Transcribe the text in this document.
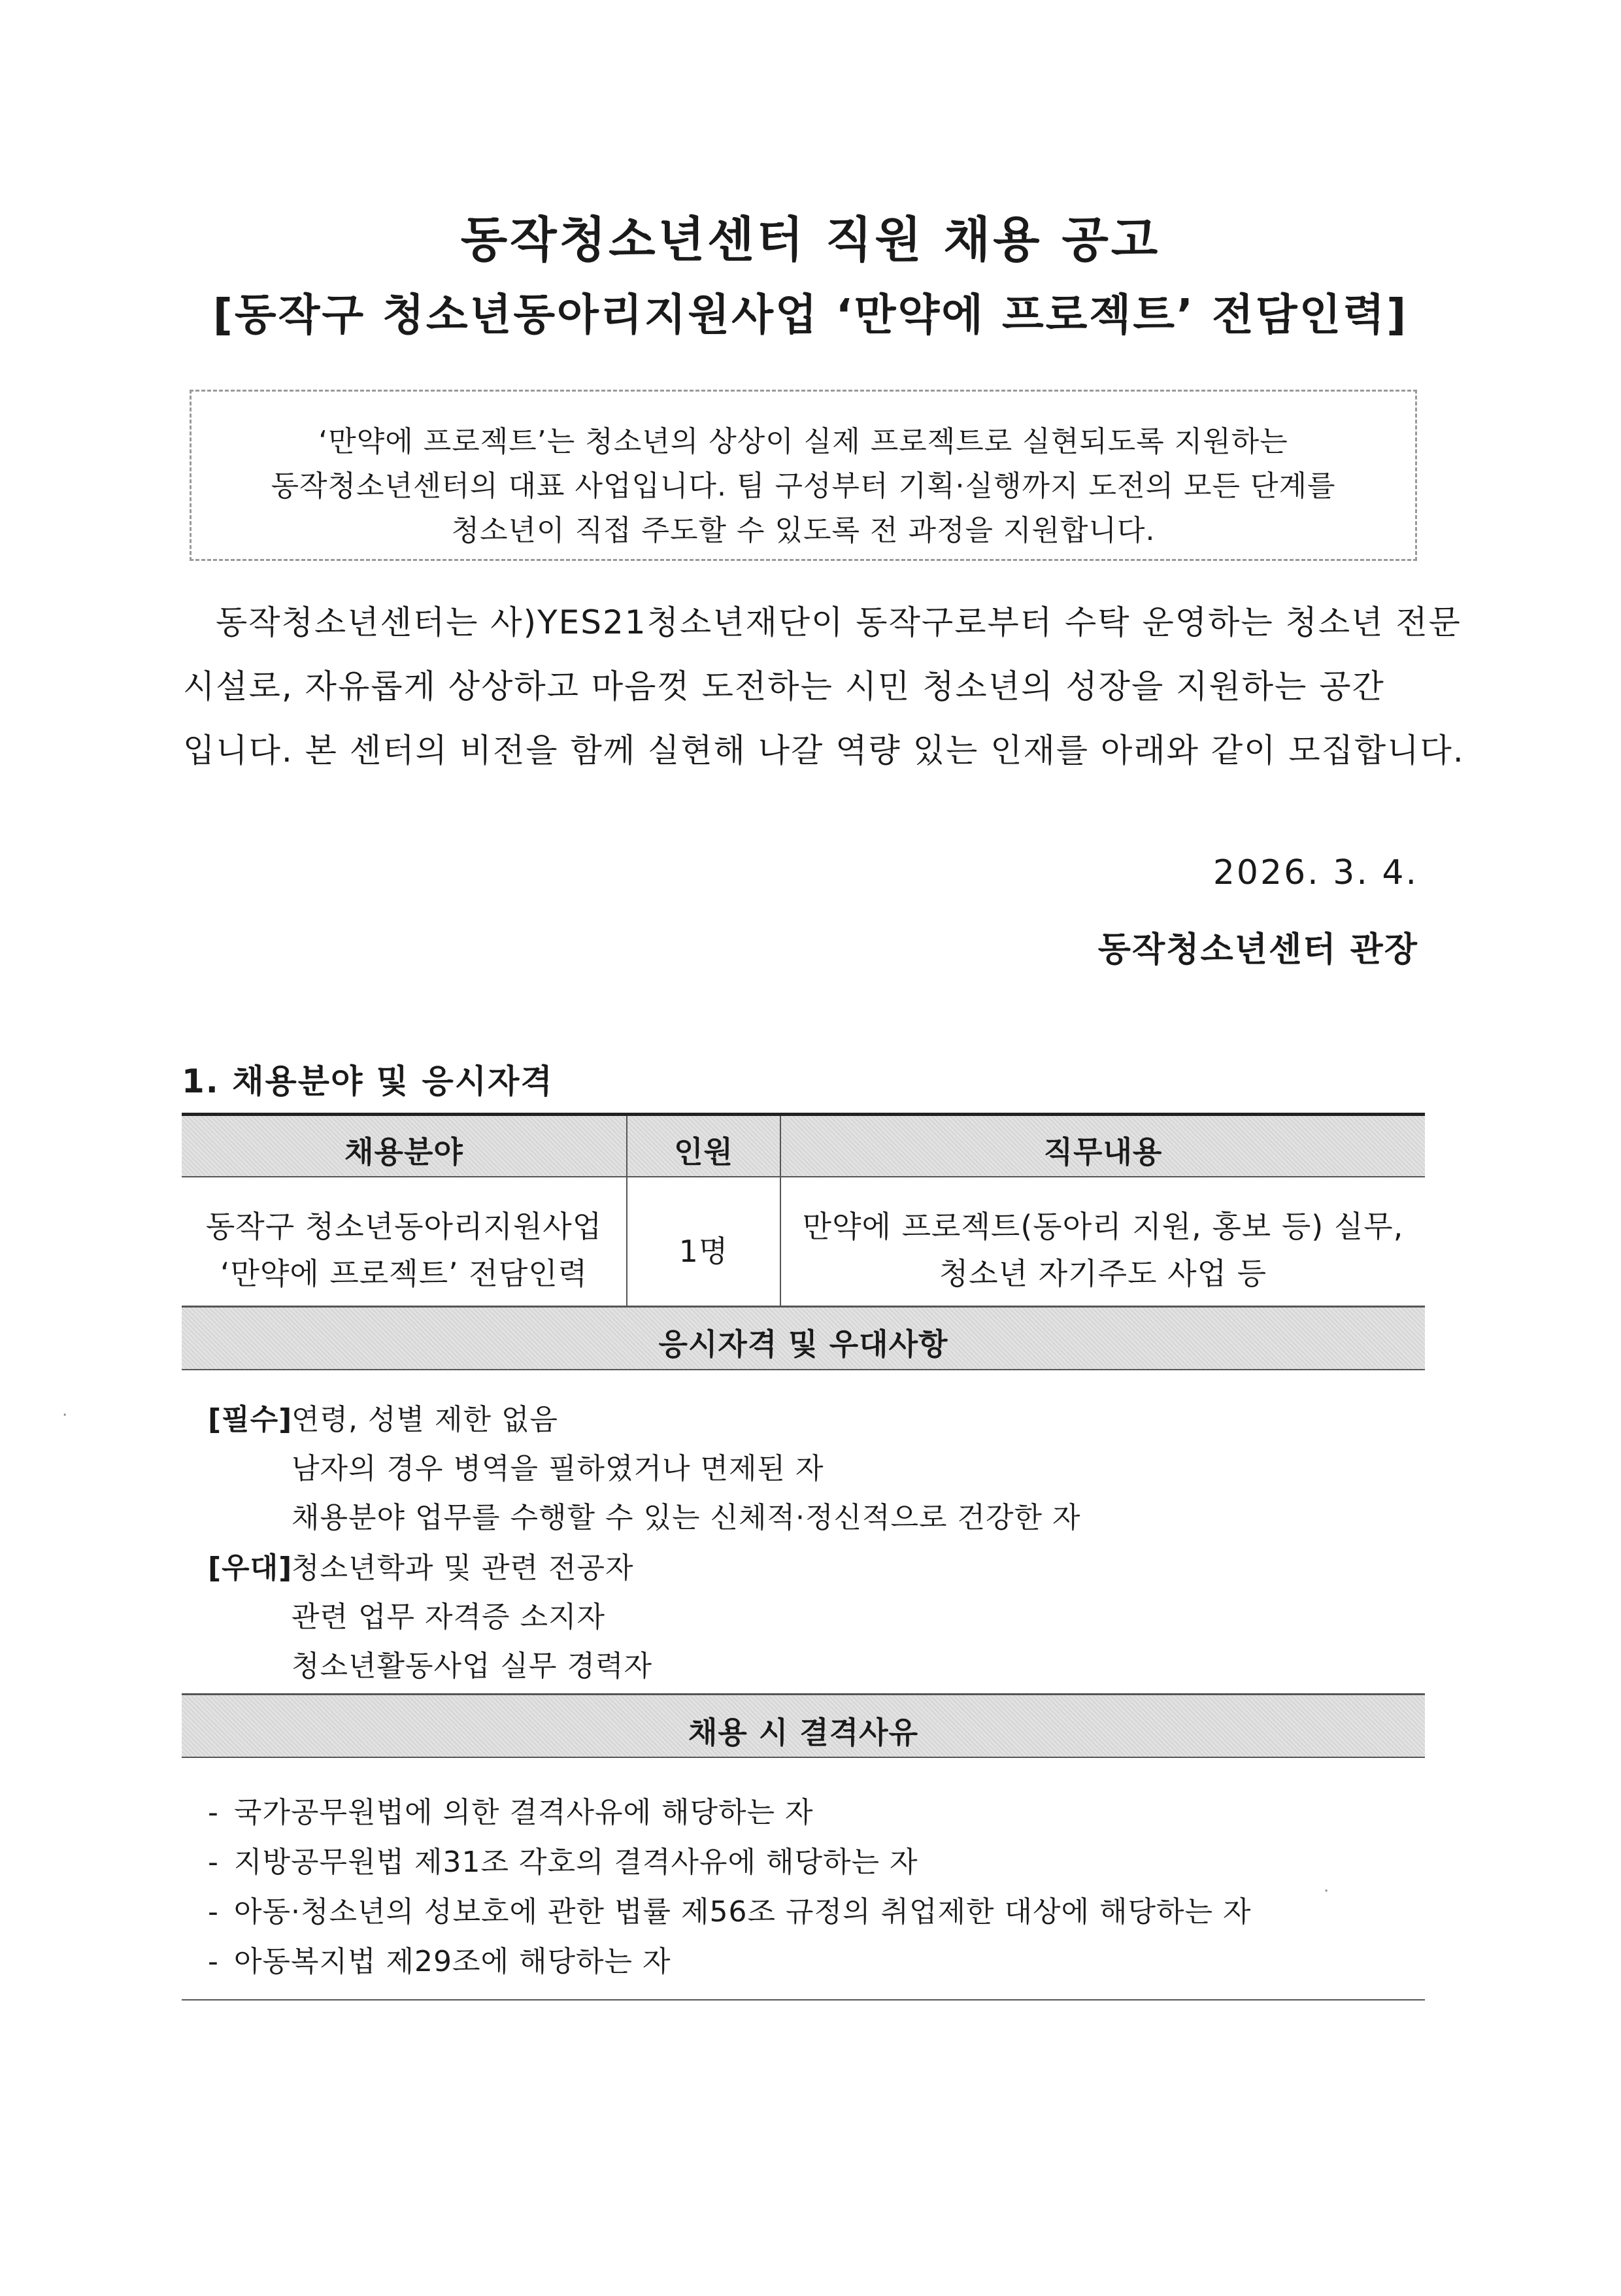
동작청소년센터 직원 채용 공고
[동작구 청소년동아리지원사업 ‘만약에 프로젝트’ 전담인력]
‘만약에 프로젝트’는 청소년의 상상이 실제 프로젝트로 실현되도록 지원하는
동작청소년센터의 대표 사업입니다. 팀 구성부터 기획·실행까지 도전의 모든 단계를
청소년이 직접 주도할 수 있도록 전 과정을 지원합니다.
동작청소년센터는 사)YES21청소년재단이 동작구로부터 수탁 운영하는 청소년 전문
시설로, 자유롭게 상상하고 마음껏 도전하는 시민 청소년의 성장을 지원하는 공간
입니다. 본 센터의 비전을 함께 실현해 나갈 역량 있는 인재를 아래와 같이 모집합니다.
2026. 3. 4.
동작청소년센터 관장
1. 채용분야 및 응시자격
채용분야	인원	직무내용
동작구 청소년동아리지원사업
‘만약에 프로젝트’ 전담인력
1명
만약에 프로젝트(동아리 지원, 홍보 등) 실무,
청소년 자기주도 사업 등
응시자격 및 우대사항
[필수]
연령, 성별 제한 없음
남자의 경우 병역을 필하였거나 면제된 자
채용분야 업무를 수행할 수 있는 신체적·정신적으로 건강한 자
[우대]
청소년학과 및 관련 전공자
관련 업무 자격증 소지자
청소년활동사업 실무 경력자
채용 시 결격사유
- 국가공무원법에 의한 결격사유에 해당하는 자
- 지방공무원법 제31조 각호의 결격사유에 해당하는 자
- 아동·청소년의 성보호에 관한 법률 제56조 규정의 취업제한 대상에 해당하는 자
- 아동복지법 제29조에 해당하는 자
·
·
